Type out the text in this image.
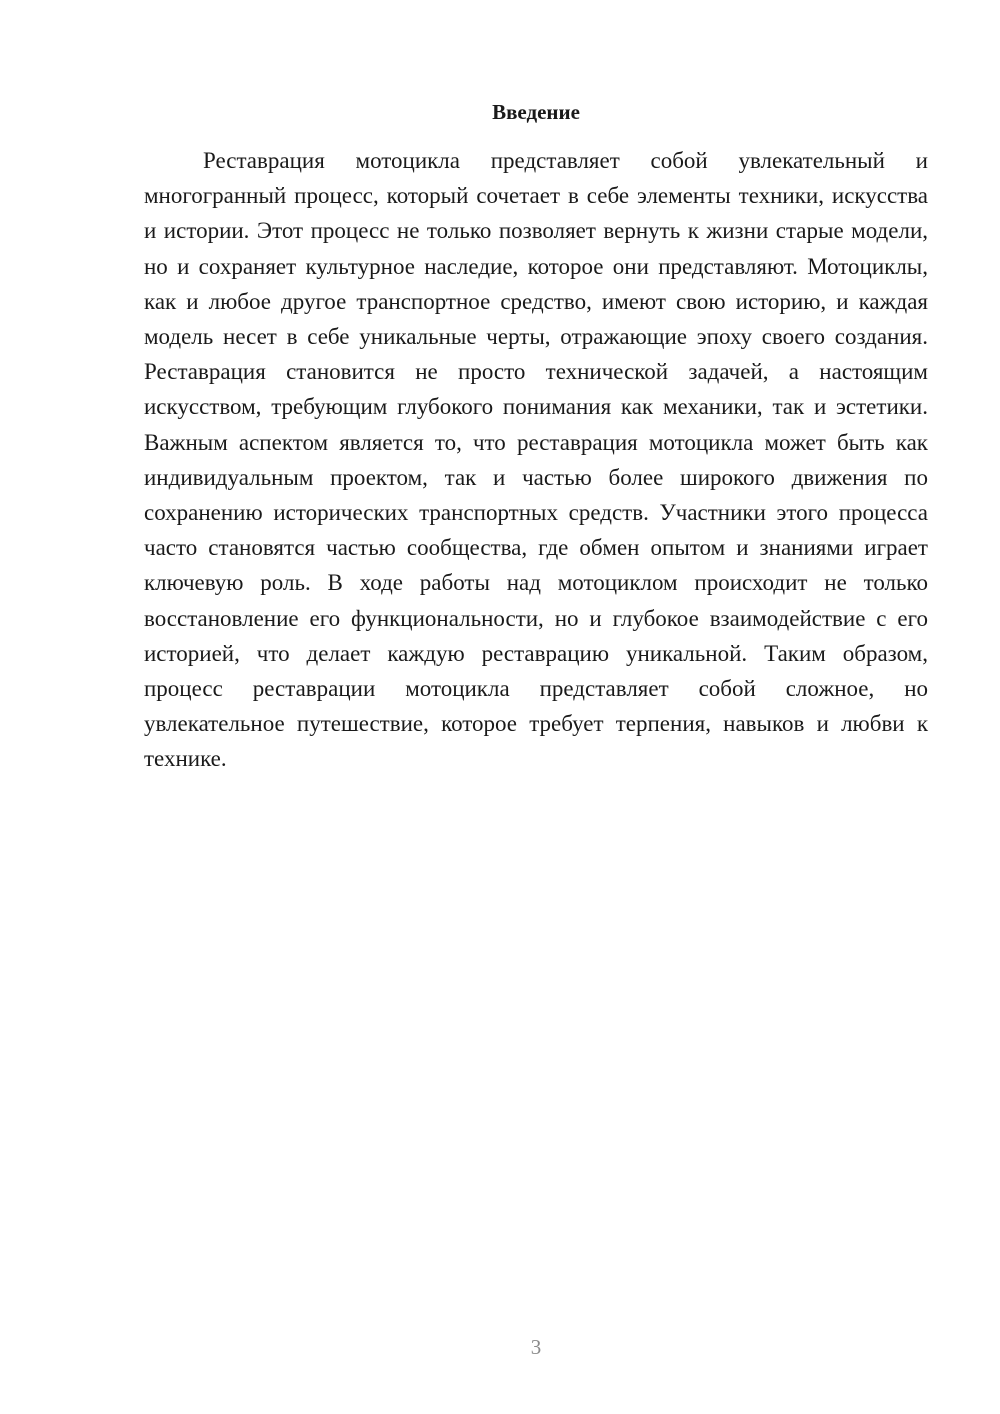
Введение

Реставрация мотоцикла представляет собой увлекательный и многогранный процесс, который сочетает в себе элементы техники, искусства и истории. Этот процесс не только позволяет вернуть к жизни старые модели, но и сохраняет культурное наследие, которое они представляют. Мотоциклы, как и любое другое транспортное средство, имеют свою историю, и каждая модель несет в себе уникальные черты, отражающие эпоху своего создания. Реставрация становится не просто технической задачей, а настоящим искусством, требующим глубокого понимания как механики, так и эстетики. Важным аспектом является то, что реставрация мотоцикла может быть как индивидуальным проектом, так и частью более широкого движения по сохранению исторических транспортных средств. Участники этого процесса часто становятся частью сообщества, где обмен опытом и знаниями играет ключевую роль. В ходе работы над мотоциклом происходит не только восстановление его функциональности, но и глубокое взаимодействие с его историей, что делает каждую реставрацию уникальной. Таким образом, процесс реставрации мотоцикла представляет собой сложное, но увлекательное путешествие, которое требует терпения, навыков и любви к технике.

3
